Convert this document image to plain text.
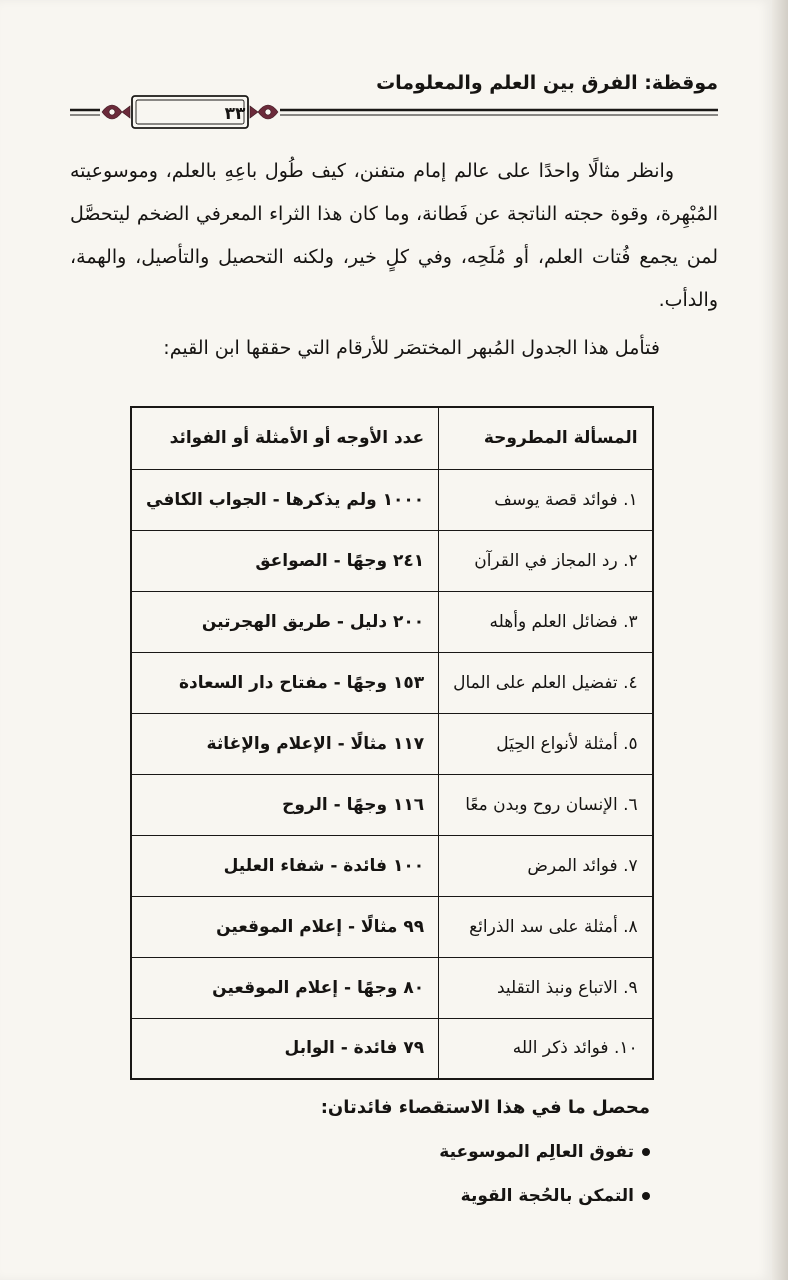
موقظة: الفرق بين العلم والمعلومات
٣٣

وانظر مثالًا واحدًا على عالم إمام متفنن، كيف طُول باعِهِ بالعلم، وموسوعيته المُبْهِرة، وقوة حجته الناتجة عن فَطانة، وما كان هذا الثراء المعرفي الضخم ليتحصَّل لمن يجمع فُتات العلم، أو مُلَحِه، وفي كلٍ خير، ولكنه التحصيل والتأصيل، والهمة، والدأب.

فتأمل هذا الجدول المُبهر المختصَر للأرقام التي حققها ابن القيم:
المسألة المطروحة	عدد الأوجه أو الأمثلة أو الفوائد
١. فوائد قصة يوسف	١٠٠٠ ولم يذكرها - الجواب الكافي
٢. رد المجاز في القرآن	٢٤١ وجهًا - الصواعق
٣. فضائل العلم وأهله	٢٠٠ دليل - طريق الهجرتين
٤. تفضيل العلم على المال	١٥٣ وجهًا - مفتاح دار السعادة
٥. أمثلة لأنواع الحِيَل	١١٧ مثالًا - الإعلام والإغاثة
٦. الإنسان روح وبدن معًا	١١٦ وجهًا - الروح
٧. فوائد المرض	١٠٠ فائدة - شفاء العليل
٨. أمثلة على سد الذرائع	٩٩ مثالًا - إعلام الموقعين
٩. الاتباع ونبذ التقليد	٨٠ وجهًا - إعلام الموقعين
١٠. فوائد ذكر الله	٧٩ فائدة - الوابل
محصل ما في هذا الاستقصاء فائدتان:
تفوق العالِم الموسوعية
التمكن بالحُجة القوية
